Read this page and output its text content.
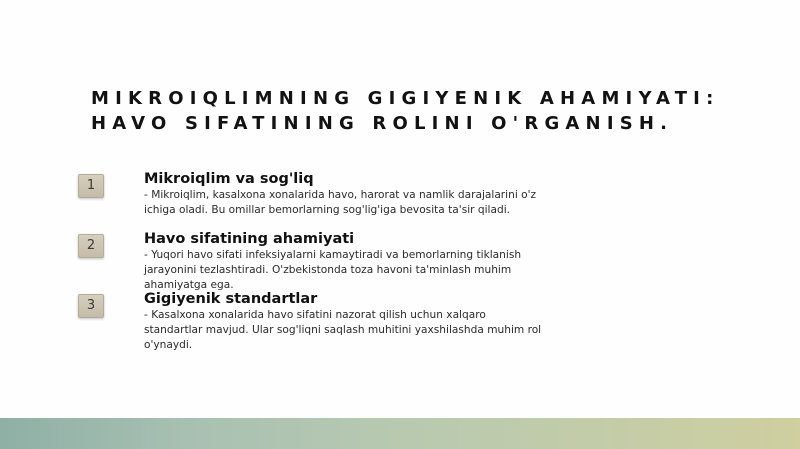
MIKROIQLIMNING GIGIYENIK AHAMIYATI:
HAVO SIFATINING ROLINI O'RGANISH.
1	Mikroiqlim va sog'liq

- Mikroiqlim, kasalxona xonalarida havo, harorat va namlik darajalarini o'z ichiga oladi. Bu omillar bemorlarning sog'lig'iga bevosita ta'sir qiladi.

2	Havo sifatining ahamiyati

- Yuqori havo sifati infeksiyalarni kamaytiradi va bemorlarning tiklanish jarayonini tezlashtiradi. O'zbekistonda toza havoni ta'minlash muhim ahamiyatga ega.

3	Gigiyenik standartlar

- Kasalxona xonalarida havo sifatini nazorat qilish uchun xalqaro standartlar mavjud. Ular sog'liqni saqlash muhitini yaxshilashda muhim rol o'ynaydi.
